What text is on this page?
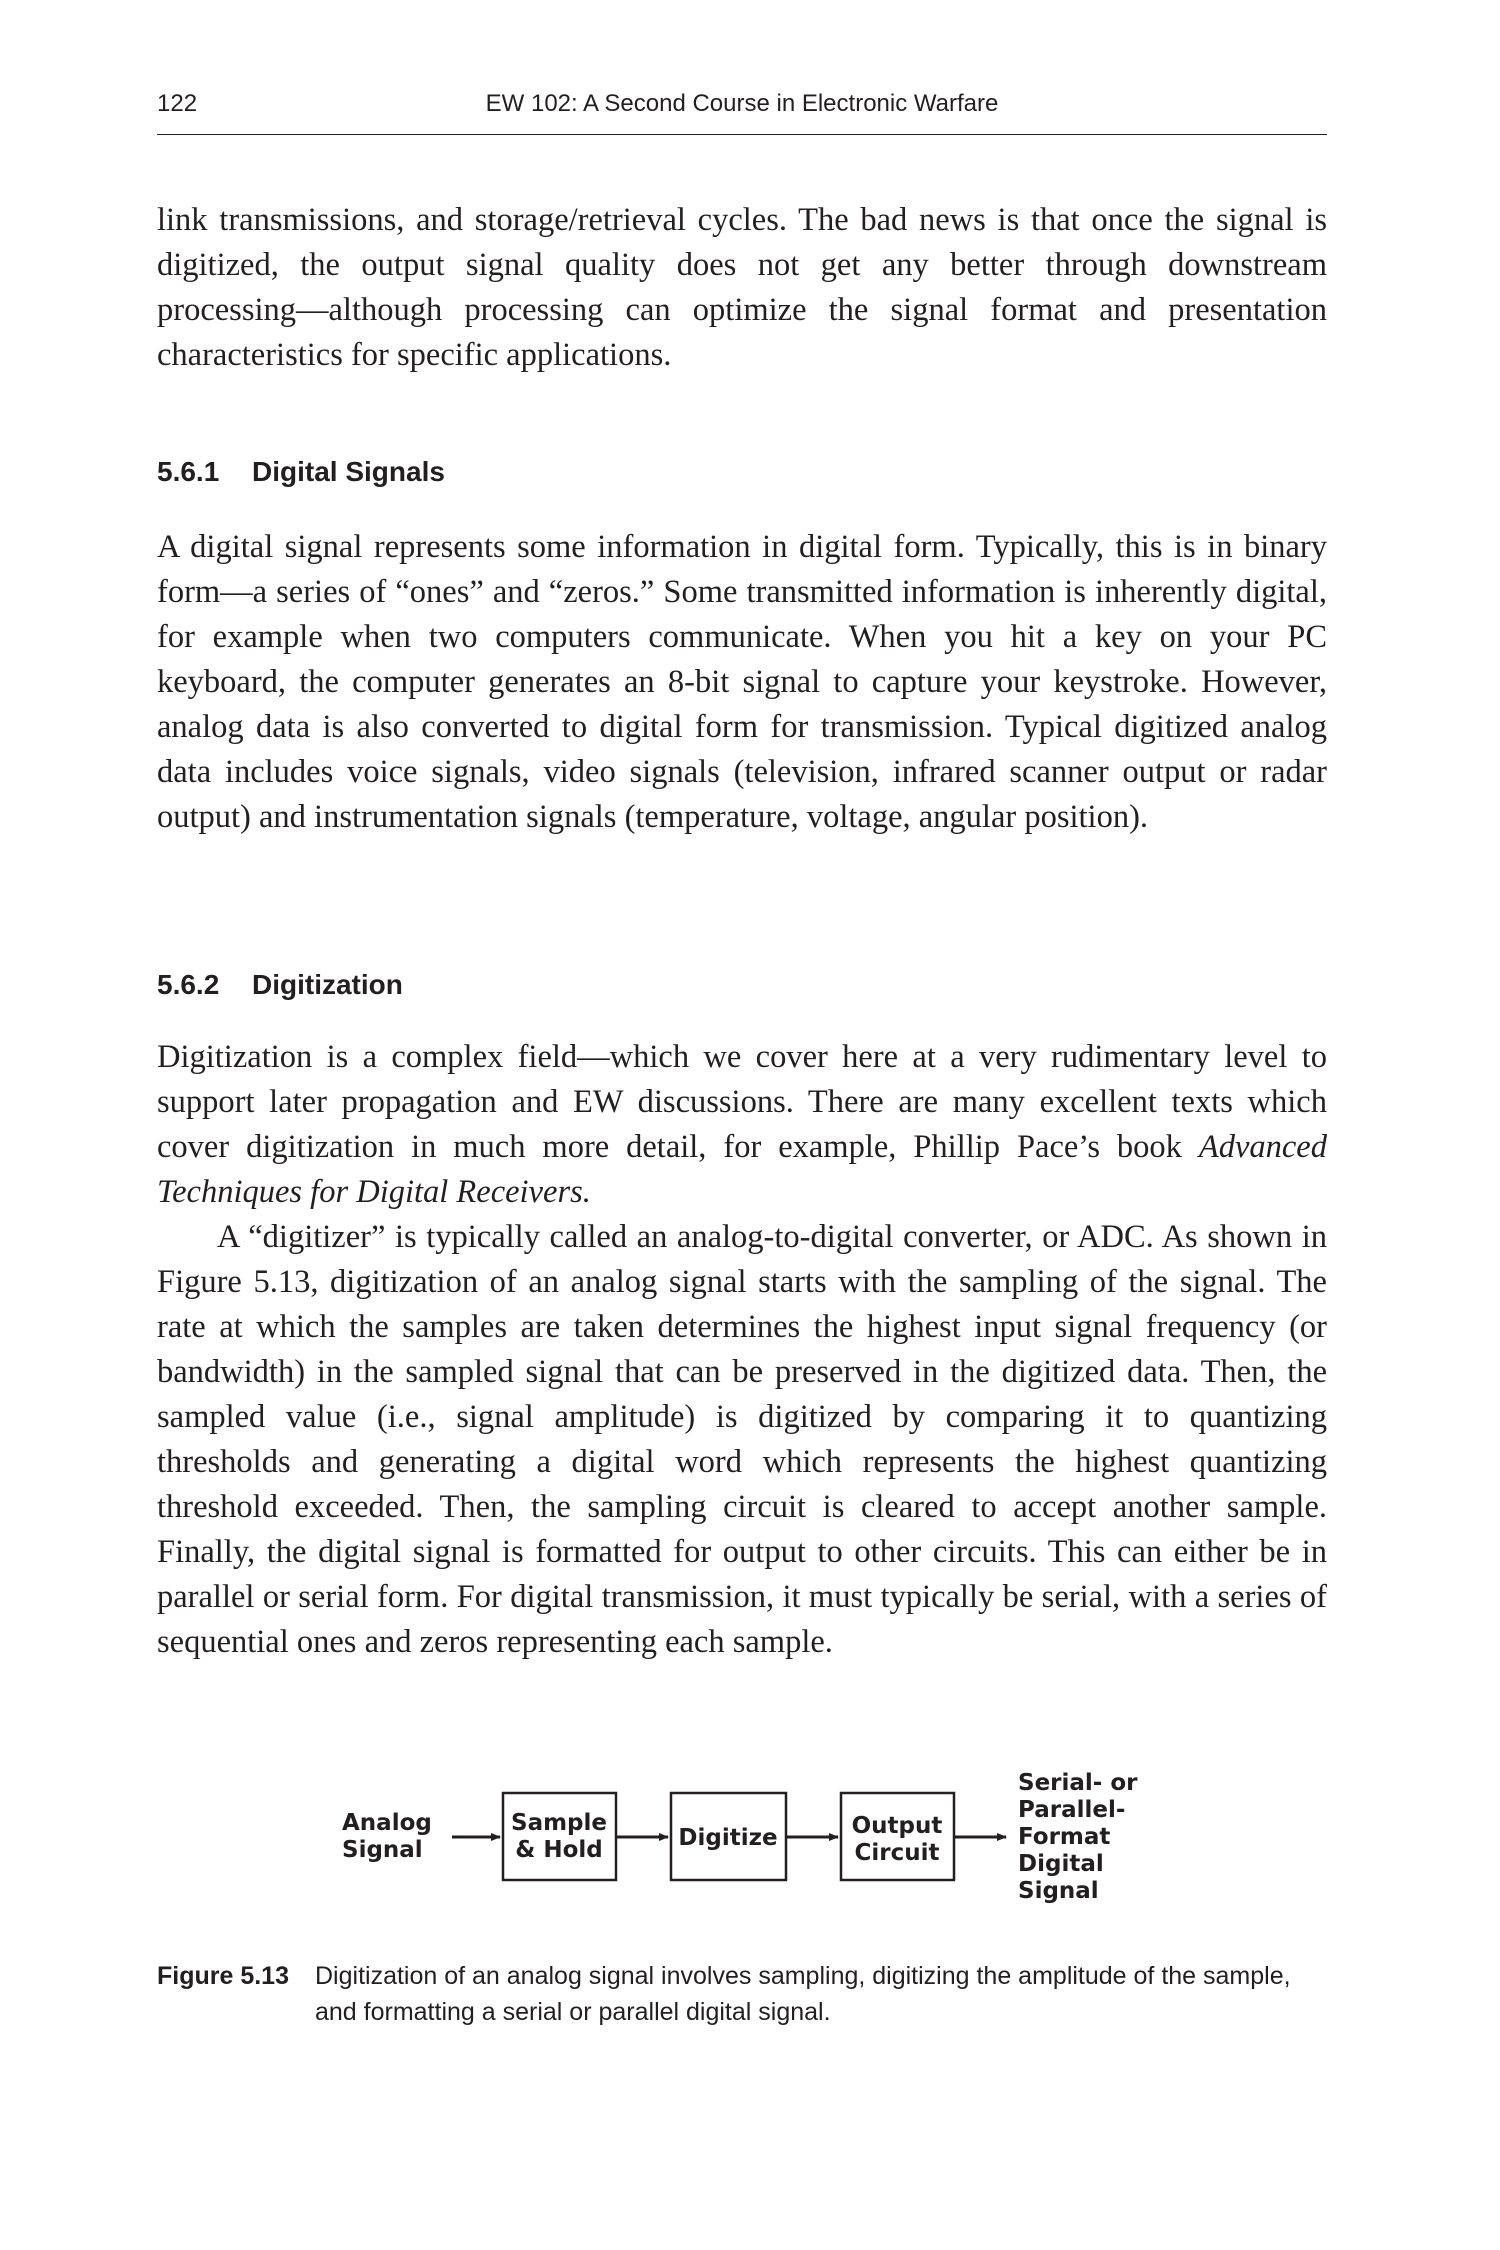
122	EW 102: A Second Course in Electronic Warfare

link transmissions, and storage/retrieval cycles. The bad news is that once the signal is digitized, the output signal quality does not get any better through downstream processing—although processing can optimize the signal format and presentation characteristics for specific applications.

5.6.1 Digital Signals

A digital signal represents some information in digital form. Typically, this is in binary form—a series of “ones” and “zeros.” Some transmitted information is inherently digital, for example when two computers communicate. When you hit a key on your PC keyboard, the computer generates an 8-bit signal to capture your keystroke. However, analog data is also converted to digital form for transmission. Typical digitized analog data includes voice signals, video signals (television, infrared scanner output or radar output) and instrumentation signals (temperature, voltage, angular position).

5.6.2 Digitization

Digitization is a complex field—which we cover here at a very rudimentary level to support later propagation and EW discussions. There are many excellent texts which cover digitization in much more detail, for example, Phillip Pace’s book Advanced Techniques for Digital Receivers.

A “digitizer” is typically called an analog-to-digital converter, or ADC. As shown in Figure 5.13, digitization of an analog signal starts with the sampling of the signal. The rate at which the samples are taken determines the highest input signal frequency (or bandwidth) in the sampled signal that can be preserved in the digitized data. Then, the sampled value (i.e., signal amplitude) is digitized by comparing it to quantizing thresholds and generating a digital word which represents the highest quantizing threshold exceeded. Then, the sampling circuit is cleared to accept another sample. Finally, the digital signal is formatted for output to other circuits. This can either be in parallel or serial form. For digital transmission, it must typically be serial, with a series of sequential ones and zeros representing each sample.

Analog
Signal
Sample
& Hold	Digitize	Output
Circuit
Serial- or
Parallel-
Format
Digital
Signal
Figure 5.13 Digitization of an analog signal involves sampling, digitizing the amplitude of the sample, and formatting a serial or parallel digital signal.
